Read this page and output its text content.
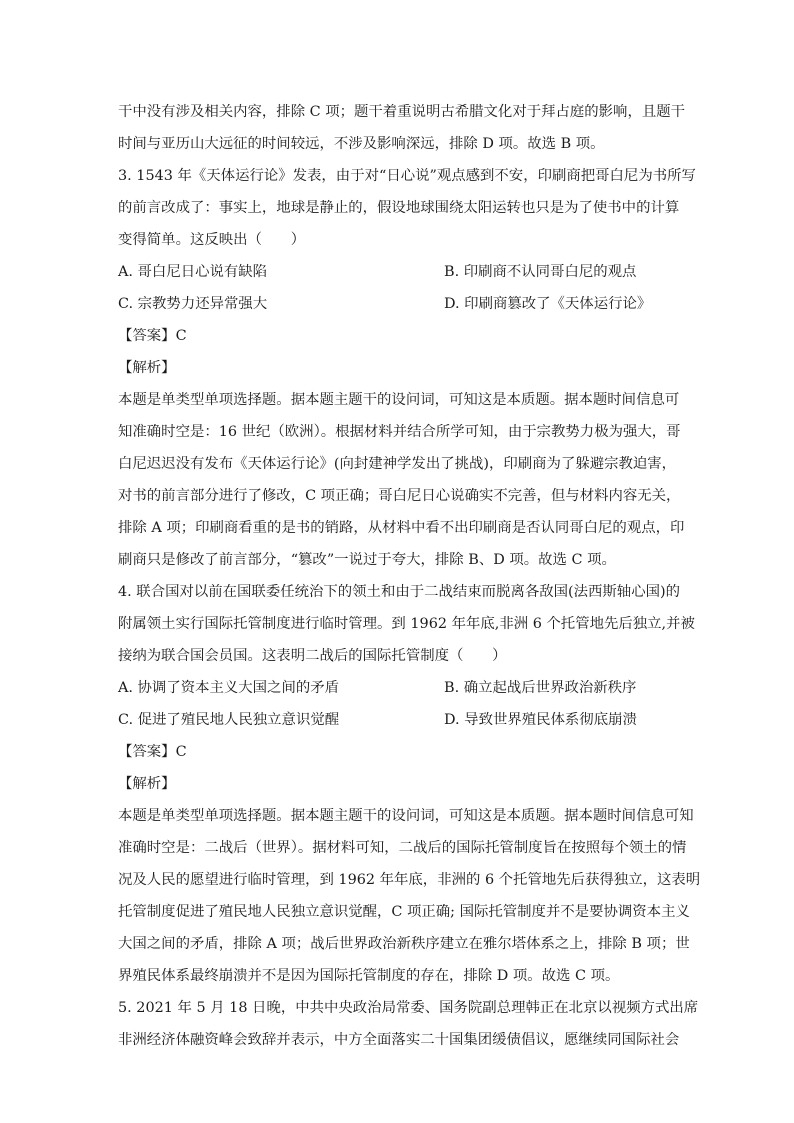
干中没有涉及相关内容，排除 C 项；题干着重说明古希腊文化对于拜占庭的影响，且题干
时间与亚历山大远征的时间较远，不涉及影响深远，排除 D 项。故选 B 项。
3. 1543 年《天体运行论》发表，由于对“日心说”观点感到不安，印刷商把哥白尼为书所写
的前言改成了：事实上，地球是静止的，假设地球围绕太阳运转也只是为了使书中的计算
变得简单。这反映出（　　）
A. 哥白尼日心说有缺陷	B. 印刷商不认同哥白尼的观点
C. 宗教势力还异常强大	D. 印刷商篡改了《天体运行论》
【答案】C
【解析】
本题是单类型单项选择题。据本题主题干的设问词，可知这是本质题。据本题时间信息可
知准确时空是：16 世纪（欧洲）。根据材料并结合所学可知，由于宗教势力极为强大，哥
白尼迟迟没有发布《天体运行论》(向封建神学发出了挑战)，印刷商为了躲避宗教迫害，
对书的前言部分进行了修改，C 项正确；哥白尼日心说确实不完善，但与材料内容无关，
排除 A 项；印刷商看重的是书的销路，从材料中看不出印刷商是否认同哥白尼的观点，印
刷商只是修改了前言部分，“篡改”一说过于夸大，排除 B、D 项。故选 C 项。
4. 联合国对以前在国联委任统治下的领土和由于二战结束而脱离各敌国(法西斯轴心国)的
附属领土实行国际托管制度进行临时管理。到 1962 年年底,非洲 6 个托管地先后独立,并被
接纳为联合国会员国。这表明二战后的国际托管制度（　　）
A. 协调了资本主义大国之间的矛盾	B. 确立起战后世界政治新秩序
C. 促进了殖民地人民独立意识觉醒	D. 导致世界殖民体系彻底崩溃
【答案】C
【解析】
本题是单类型单项选择题。据本题主题干的设问词，可知这是本质题。据本题时间信息可知
准确时空是：二战后（世界）。据材料可知，二战后的国际托管制度旨在按照每个领土的情
况及人民的愿望进行临时管理，到 1962 年年底，非洲的 6 个托管地先后获得独立，这表明
托管制度促进了殖民地人民独立意识觉醒，C 项正确; 国际托管制度并不是要协调资本主义
大国之间的矛盾，排除 A 项；战后世界政治新秩序建立在雅尔塔体系之上，排除 B 项；世
界殖民体系最终崩溃并不是因为国际托管制度的存在，排除 D 项。故选 C 项。
5. 2021 年 5 月 18 日晚，中共中央政治局常委、国务院副总理韩正在北京以视频方式出席
非洲经济体融资峰会致辞并表示，中方全面落实二十国集团缓债倡议，愿继续同国际社会
